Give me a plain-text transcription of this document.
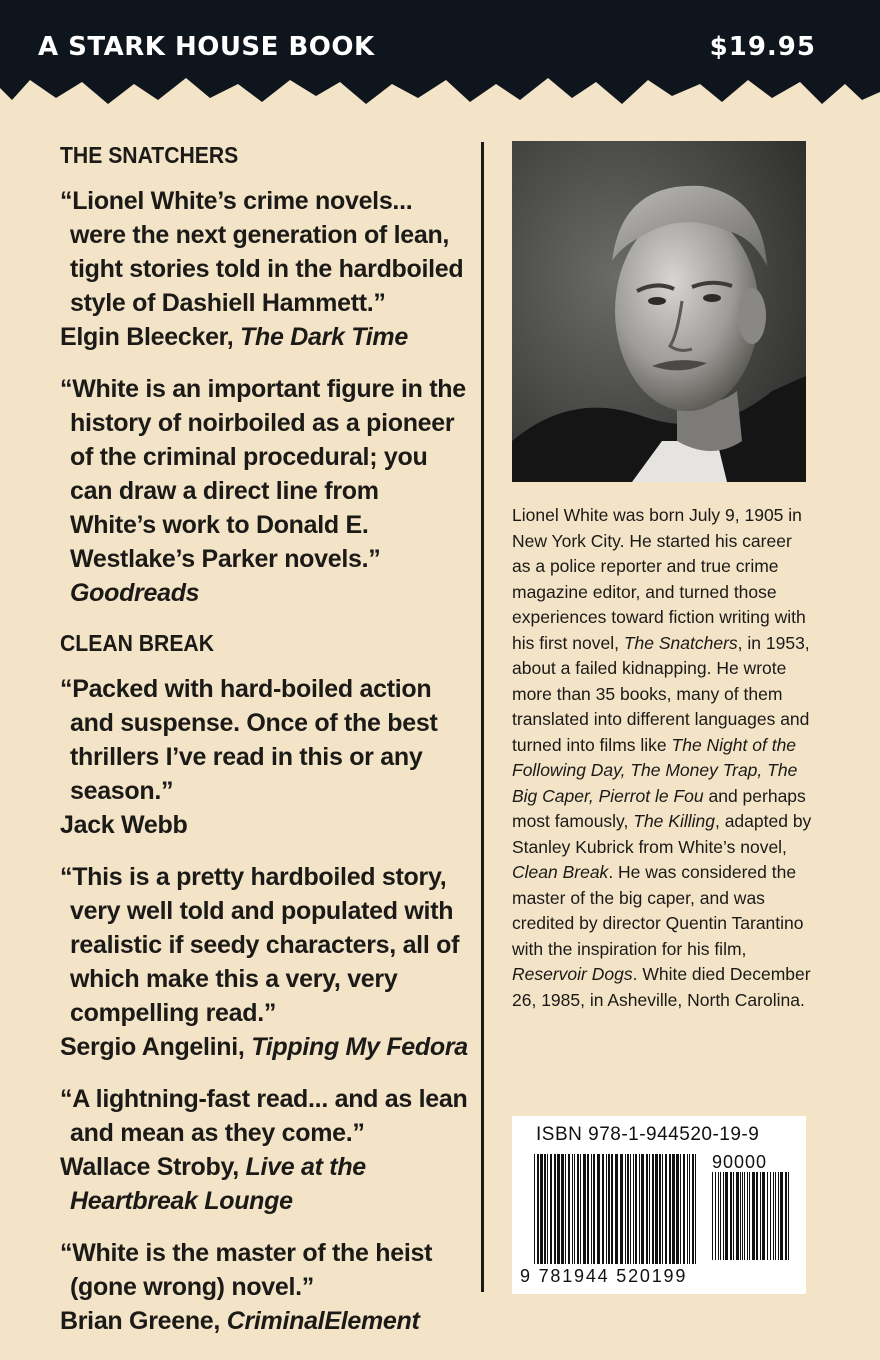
A STARK HOUSE BOOK	$19.95
THE SNATCHERS
“Lionel White’s crime novels... were the next generation of lean, tight stories told in the hardboiled style of Dashiell Hammett.”
Elgin Bleecker, The Dark Time
“White is an important figure in the history of noirboiled as a pioneer of the criminal procedural; you can draw a direct line from White’s work to Donald E. Westlake’s Parker novels.” Goodreads
CLEAN BREAK
“Packed with hard-boiled action and suspense. Once of the best thrillers I’ve read in this or any season.”
Jack Webb
“This is a pretty hardboiled story, very well told and populated with realistic if seedy characters, all of which make this a very, very compelling read.”
Sergio Angelini, Tipping My Fedora
“A lightning-fast read... and as lean and mean as they come.”
Wallace Stroby, Live at the Heartbreak Lounge
“White is the master of the heist (gone wrong) novel.”
Brian Greene, CriminalElement

Lionel White was born July 9, 1905 in New York City. He started his career as a police reporter and true crime magazine editor, and turned those experiences toward fiction writing with his first novel, The Snatchers, in 1953, about a failed kidnapping. He wrote more than 35 books, many of them translated into different languages and turned into films like The Night of the Following Day, The Money Trap, The Big Caper, Pierrot le Fou and perhaps most famously, The Killing, adapted by Stanley Kubrick from White’s novel, Clean Break. He was considered the master of the big caper, and was credited by director Quentin Tarantino with the inspiration for his film, Reservoir Dogs. White died December 26, 1985, in Asheville, North Carolina.

ISBN 978-1-944520-19-9
90000
9 781944 520199
